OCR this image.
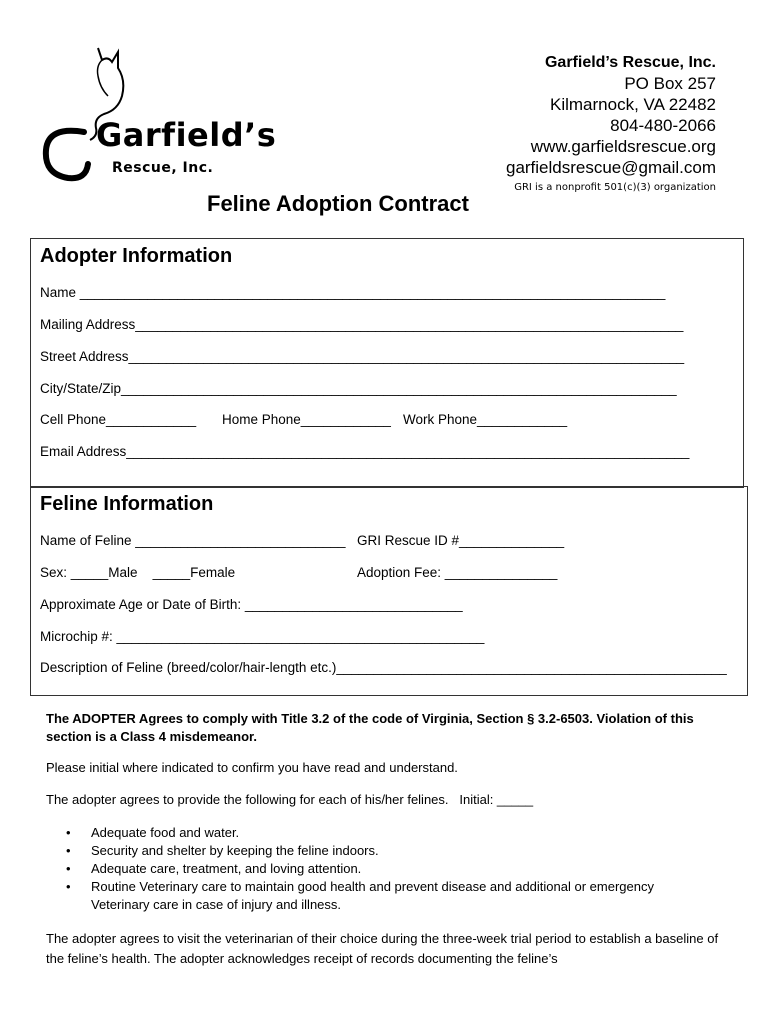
Garfield’s
Rescue, Inc.
Garfield’s Rescue, Inc.
PO Box 257
Kilmarnock, VA 22482
804-480-2066
www.garfieldsrescue.org
garfieldsrescue@gmail.com
GRI is a nonprofit 501(c)(3) organization
Feline Adoption Contract
Adopter Information
Name ______________________________________________________________________________
Mailing Address_________________________________________________________________________
Street Address__________________________________________________________________________
City/State/Zip__________________________________________________________________________
Cell Phone____________ Home Phone____________ Work Phone____________
Email Address___________________________________________________________________________
Feline Information
Name of Feline ____________________________ GRI Rescue ID #______________
Sex: _____Male    _____Female	Adoption Fee: _______________
Approximate Age or Date of Birth: _____________________________
Microchip #: _________________________________________________
Description of Feline (breed/color/hair-length etc.)____________________________________________________
The ADOPTER Agrees to comply with Title 3.2 of the code of Virginia, Section § 3.2-6503. Violation of this section is a Class 4 misdemeanor.
Please initial where indicated to confirm you have read and understand.
The adopter agrees to provide the following for each of his/her felines.   Initial: _____
• Adequate food and water.
• Security and shelter by keeping the feline indoors.
• Adequate care, treatment, and loving attention.
• Routine Veterinary care to maintain good health and prevent disease and additional or emergency Veterinary care in case of injury and illness.
The adopter agrees to visit the veterinarian of their choice during the three-week trial period to establish a baseline of the feline’s health. The adopter acknowledges receipt of records documenting the feline’s
